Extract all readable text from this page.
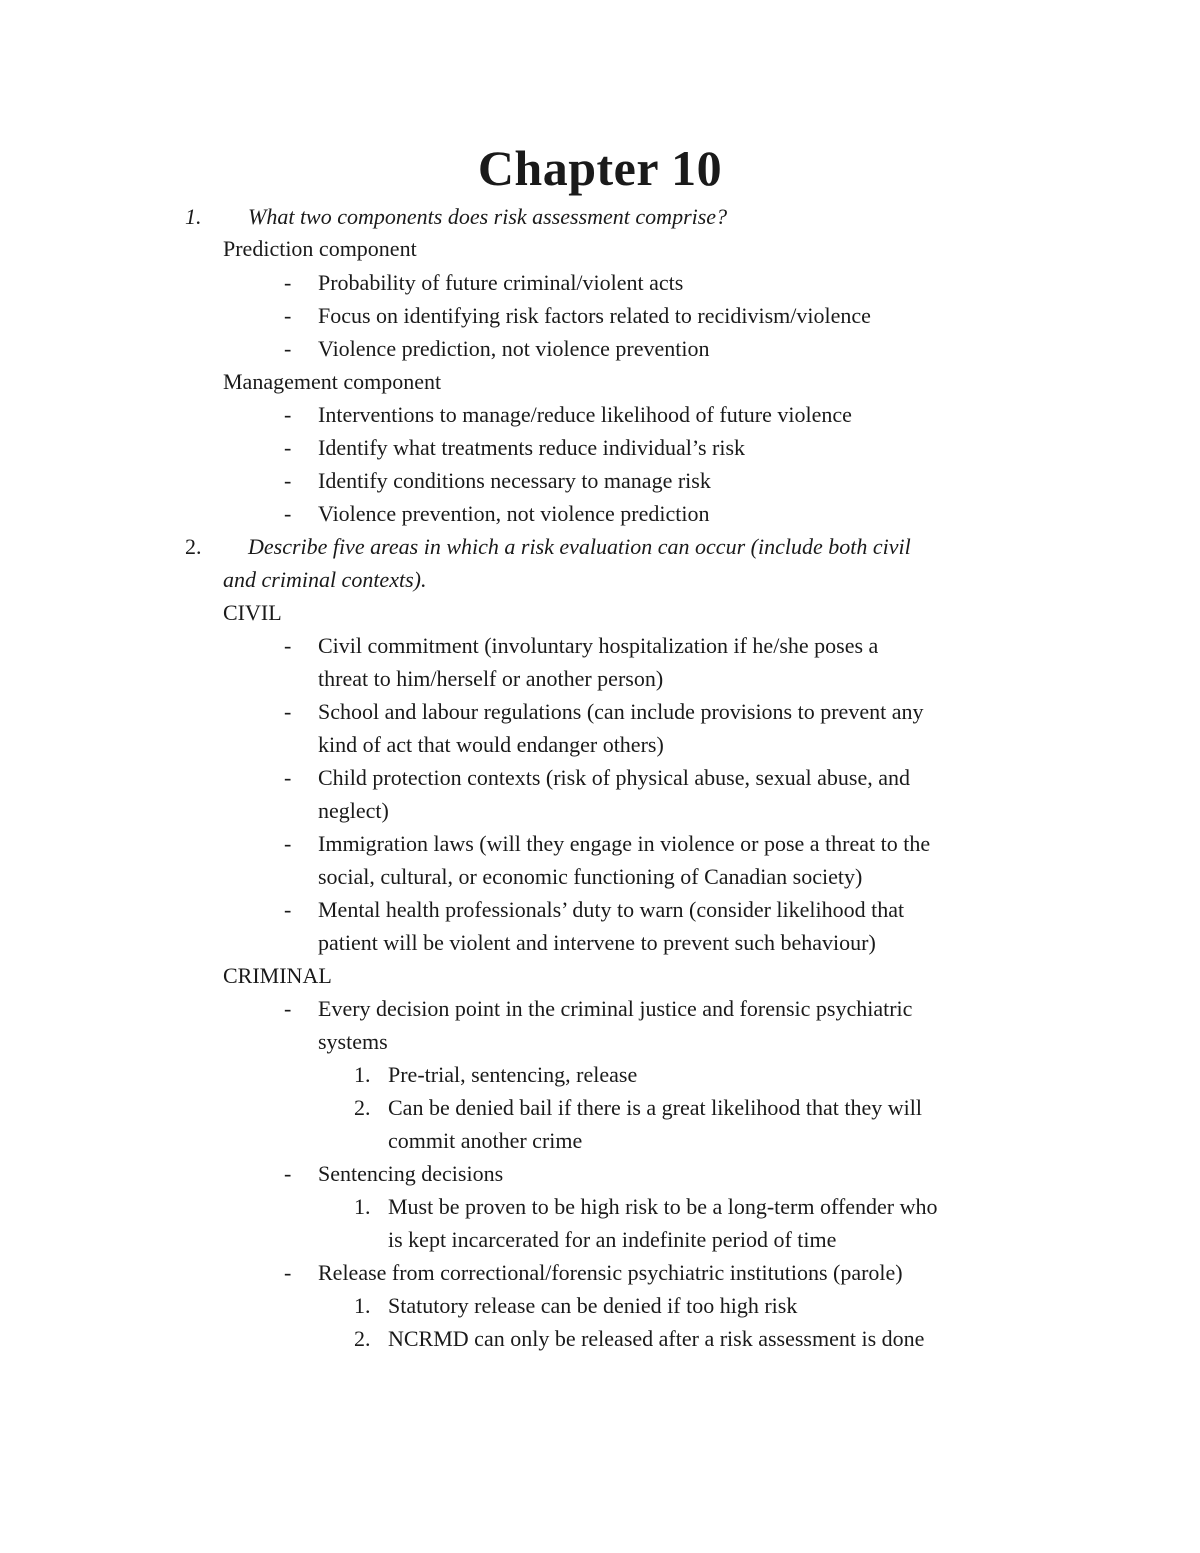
Chapter 10
1. What two components does risk assessment comprise?
Prediction component
- Probability of future criminal/violent acts
- Focus on identifying risk factors related to recidivism/violence
- Violence prediction, not violence prevention
Management component
- Interventions to manage/reduce likelihood of future violence
- Identify what treatments reduce individual’s risk
- Identify conditions necessary to manage risk
- Violence prevention, not violence prediction
2. Describe five areas in which a risk evaluation can occur (include both civil
and criminal contexts).
CIVIL
- Civil commitment (involuntary hospitalization if he/she poses a
threat to him/herself or another person)
- School and labour regulations (can include provisions to prevent any
kind of act that would endanger others)
- Child protection contexts (risk of physical abuse, sexual abuse, and
neglect)
- Immigration laws (will they engage in violence or pose a threat to the
social, cultural, or economic functioning of Canadian society)
- Mental health professionals’ duty to warn (consider likelihood that
patient will be violent and intervene to prevent such behaviour)
CRIMINAL
- Every decision point in the criminal justice and forensic psychiatric
systems
1. Pre-trial, sentencing, release
2. Can be denied bail if there is a great likelihood that they will
commit another crime
- Sentencing decisions
1. Must be proven to be high risk to be a long-term offender who
is kept incarcerated for an indefinite period of time
- Release from correctional/forensic psychiatric institutions (parole)
1. Statutory release can be denied if too high risk
2. NCRMD can only be released after a risk assessment is done
